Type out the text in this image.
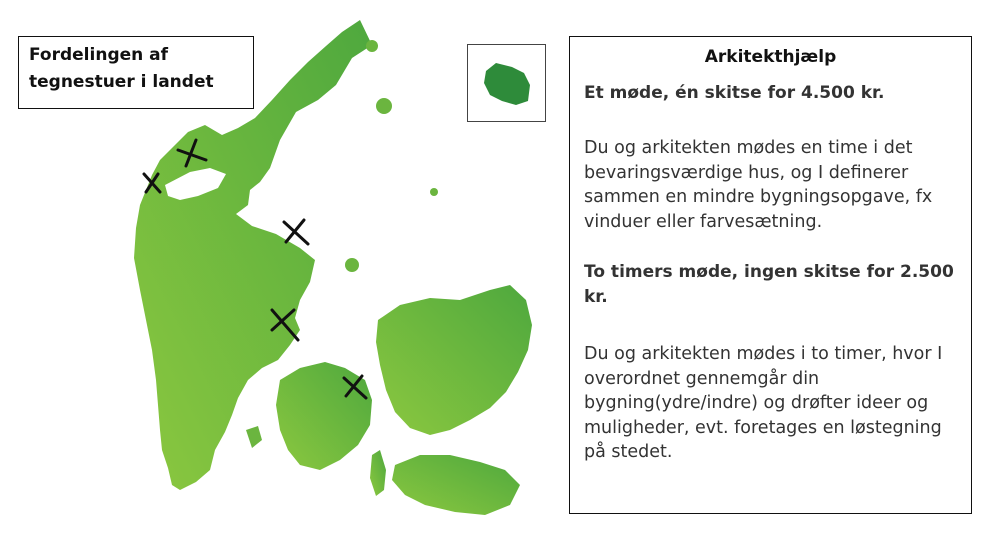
Fordelingen af
tegnestuer i landet
Arkitekthjælp

Et møde, én skitse for 4.500 kr.

Du og arkitekten mødes en time i det bevaringsværdige hus, og I definerer sammen en mindre bygningsopgave, fx vinduer eller farvesætning.

To timers møde, ingen skitse for 2.500 kr.

Du og arkitekten mødes i to timer, hvor I overordnet gennemgår din bygning(ydre/indre) og drøfter ideer og muligheder, evt. foretages en løstegning på stedet.
